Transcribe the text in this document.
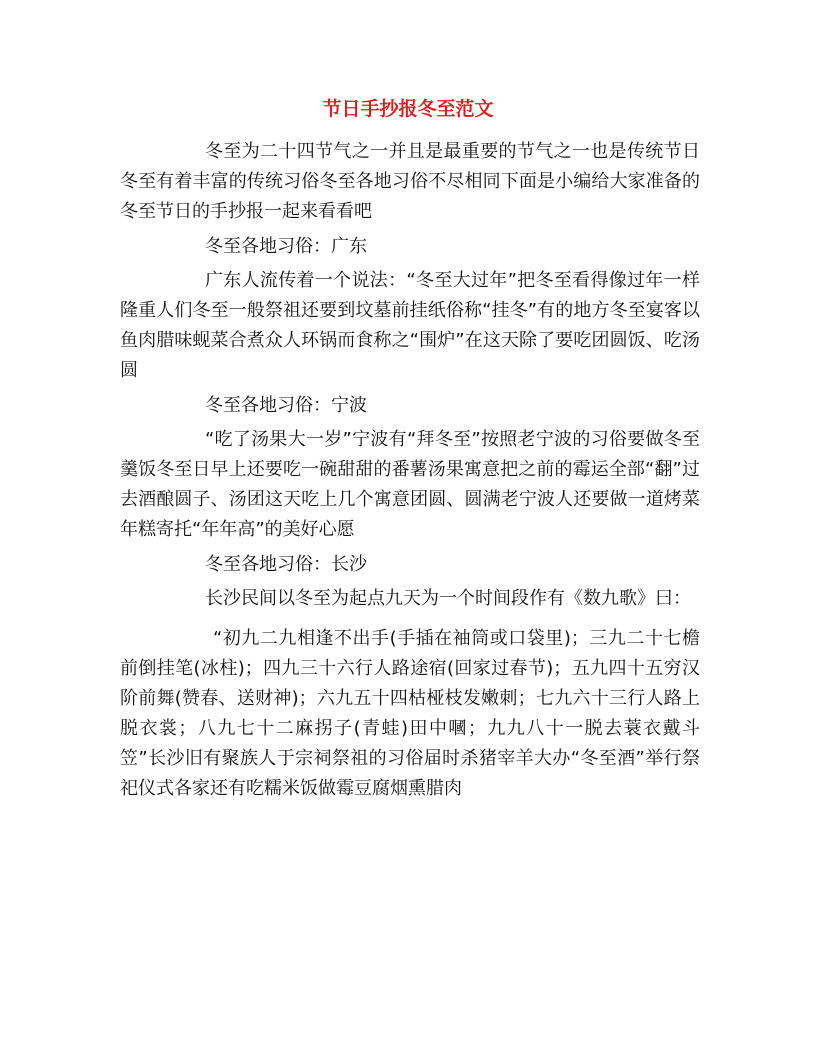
节日手抄报冬至范文

冬至为二十四节气之一并且是最重要的节气之一也是传统节日冬至有着丰富的传统习俗冬至各地习俗不尽相同下面是小编给大家准备的冬至节日的手抄报一起来看看吧

冬至各地习俗：广东

广东人流传着一个说法：“冬至大过年”把冬至看得像过年一样隆重人们冬至一般祭祖还要到坟墓前挂纸俗称“挂冬”有的地方冬至宴客以鱼肉腊味蚬菜合煮众人环锅而食称之“围炉”在这天除了要吃团圆饭、吃汤圆

冬至各地习俗：宁波

“吃了汤果大一岁”宁波有“拜冬至”按照老宁波的习俗要做冬至羹饭冬至日早上还要吃一碗甜甜的番薯汤果寓意把之前的霉运全部“翻”过去酒酿圆子、汤团这天吃上几个寓意团圆、圆满老宁波人还要做一道烤菜年糕寄托“年年高”的美好心愿

冬至各地习俗：长沙

长沙民间以冬至为起点九天为一个时间段作有《数九歌》曰：

“初九二九相逢不出手(手插在袖筒或口袋里)；三九二十七檐前倒挂笔(冰柱)；四九三十六行人路途宿(回家过春节)；五九四十五穷汉阶前舞(赞春、送财神)；六九五十四枯桠枝发嫩刺；七九六十三行人路上脱衣裳；八九七十二麻拐子(青蛙)田中嘓；九九八十一脱去蓑衣戴斗笠”长沙旧有聚族人于宗祠祭祖的习俗届时杀猪宰羊大办“冬至酒”举行祭祀仪式各家还有吃糯米饭做霉豆腐烟熏腊肉
